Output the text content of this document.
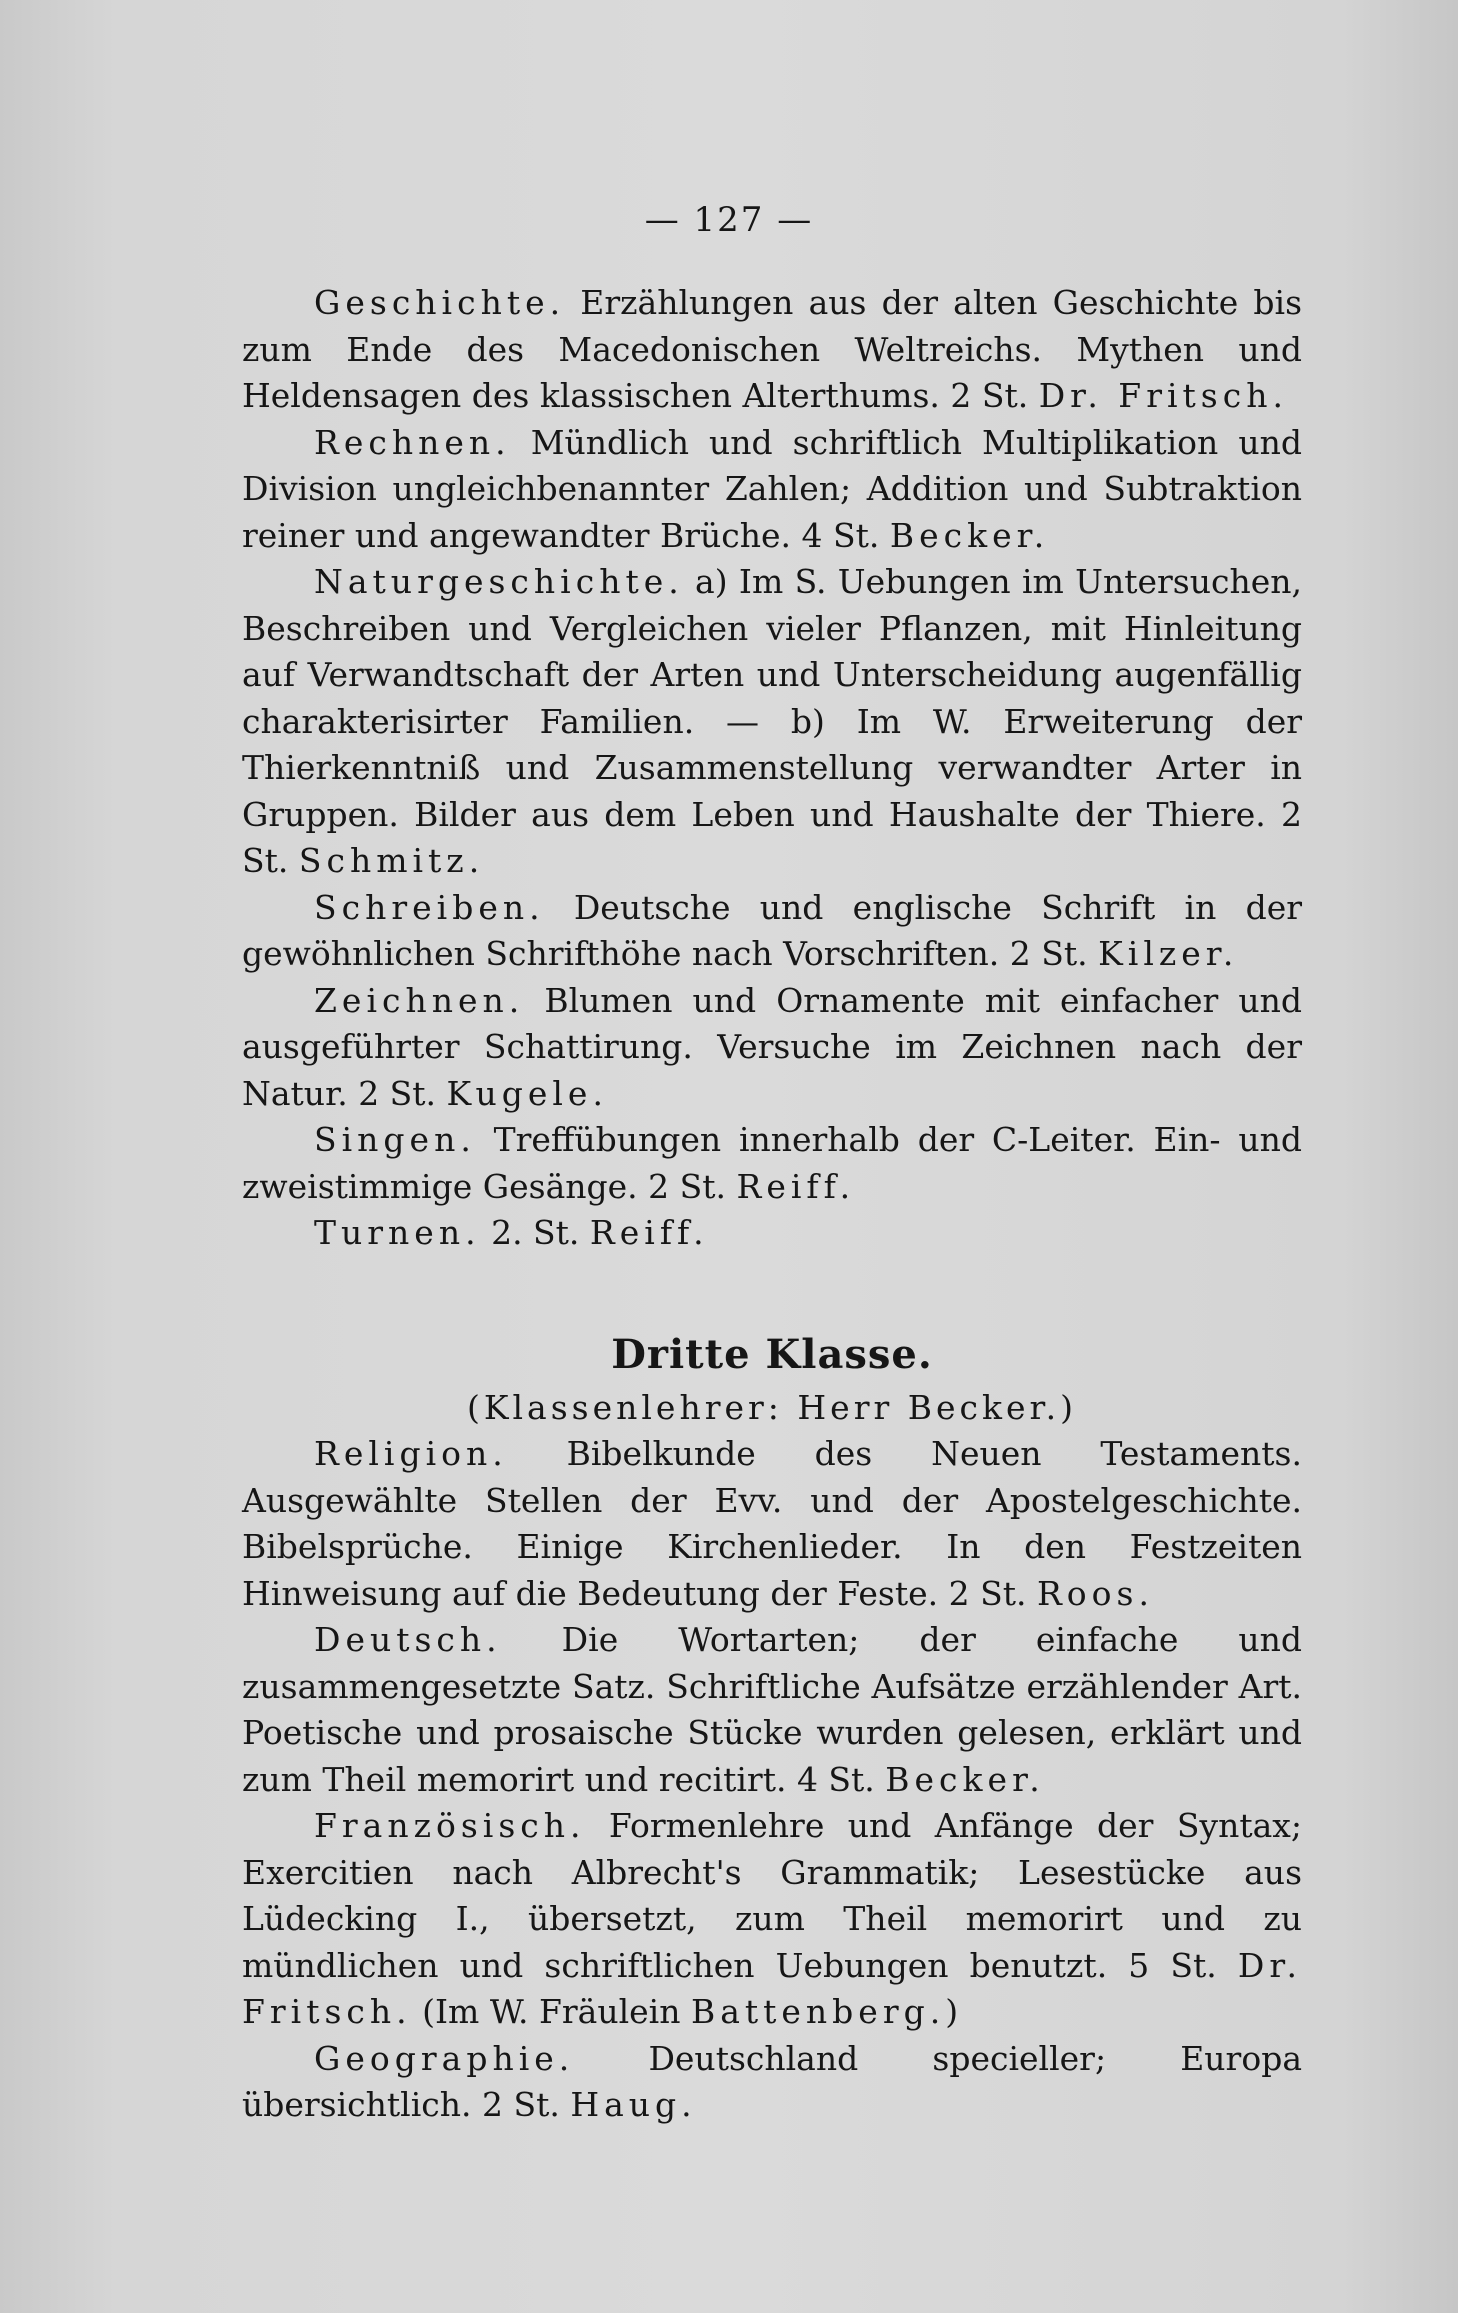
— 127 —

Geschichte. Erzählungen aus der alten Geschichte bis zum Ende des Macedonischen Weltreichs. Mythen und Heldensagen des klassischen Alterthums. 2 St. Dr. Fritsch.

Rechnen. Mündlich und schriftlich Multiplikation und Division ungleichbenannter Zahlen; Addition und Subtraktion reiner und angewandter Brüche. 4 St. Becker.

Naturgeschichte. a) Im S. Uebungen im Untersuchen, Beschreiben und Vergleichen vieler Pflanzen, mit Hinleitung auf Verwandtschaft der Arten und Unterscheidung augenfällig charakterisirter Familien. — b) Im W. Erweiterung der Thierkenntniß und Zusammenstellung verwandter Arter in Gruppen. Bilder aus dem Leben und Haushalte der Thiere. 2 St. Schmitz.

Schreiben. Deutsche und englische Schrift in der gewöhnlichen Schrifthöhe nach Vorschriften. 2 St. Kilzer.

Zeichnen. Blumen und Ornamente mit einfacher und ausgeführter Schattirung. Versuche im Zeichnen nach der Natur. 2 St. Kugele.

Singen. Treffübungen innerhalb der C-Leiter. Ein- und zweistimmige Gesänge. 2 St. Reiff.

Turnen. 2. St. Reiff.

Dritte Klasse.
(Klassenlehrer: Herr Becker.)

Religion. Bibelkunde des Neuen Testaments. Ausgewählte Stellen der Evv. und der Apostelgeschichte. Bibelsprüche. Einige Kirchenlieder. In den Festzeiten Hinweisung auf die Bedeutung der Feste. 2 St. Roos.

Deutsch. Die Wortarten; der einfache und zusammengesetzte Satz. Schriftliche Aufsätze erzählender Art. Poetische und prosaische Stücke wurden gelesen, erklärt und zum Theil memorirt und recitirt. 4 St. Becker.

Französisch. Formenlehre und Anfänge der Syntax; Exercitien nach Albrecht's Grammatik; Lesestücke aus Lüdecking I., übersetzt, zum Theil memorirt und zu mündlichen und schriftlichen Uebungen benutzt. 5 St. Dr. Fritsch. (Im W. Fräulein Battenberg.)

Geographie. Deutschland specieller; Europa übersichtlich. 2 St. Haug.
